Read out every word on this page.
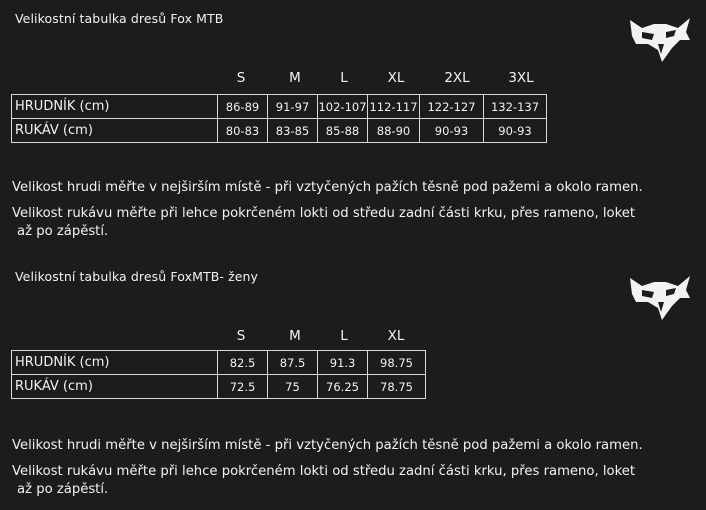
Velikostní tabulka dresů Fox MTB
S	M	L	XL	2XL	3XL
HRUDNÍK (cm)	86-89	91-97	102-107	112-117	122-127	132-137
RUKÁV (cm)	80-83	83-85	85-88	88-90	90-93	90-93
Velikost hrudi měřte v nejširším místě - při vztyčených pažích těsně pod pažemi a okolo ramen.
Velikost rukávu měřte při lehce pokrčeném lokti od středu zadní části krku, přes rameno, loket
až po zápěstí.
Velikostní tabulka dresů FoxMTB- ženy
S	M	L	XL
HRUDNÍK (cm)	82.5	87.5	91.3	98.75
RUKÁV (cm)	72.5	75	76.25	78.75
Velikost hrudi měřte v nejširším místě - při vztyčených pažích těsně pod pažemi a okolo ramen.
Velikost rukávu měřte při lehce pokrčeném lokti od středu zadní části krku, přes rameno, loket
až po zápěstí.
